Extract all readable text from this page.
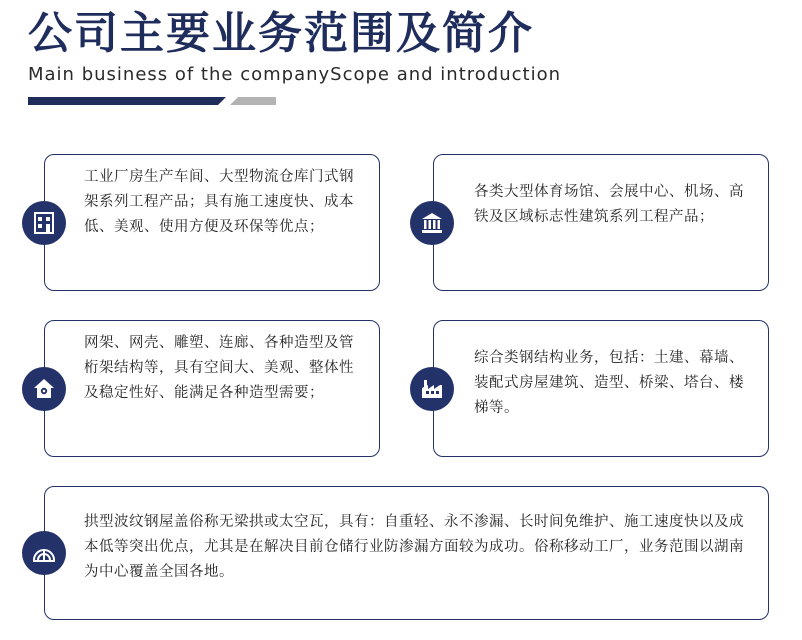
公司主要业务范围及简介
Main business of the companyScope and introduction
工业厂房生产车间、大型物流仓库门式钢架系列工程产品；具有施工速度快、成本低、美观、使用方便及环保等优点；
各类大型体育场馆、会展中心、机场、高铁及区域标志性建筑系列工程产品；
网架、网壳、雕塑、连廊、各种造型及管桁架结构等，具有空间大、美观、整体性及稳定性好、能满足各种造型需要；
综合类钢结构业务，包括：土建、幕墙、装配式房屋建筑、造型、桥梁、塔台、楼梯等。
拱型波纹钢屋盖俗称无梁拱或太空瓦，具有：自重轻、永不渗漏、长时间免维护、施工速度快以及成本低等突出优点，尤其是在解决目前仓储行业防渗漏方面较为成功。俗称移动工厂，业务范围以湖南为中心覆盖全国各地。
